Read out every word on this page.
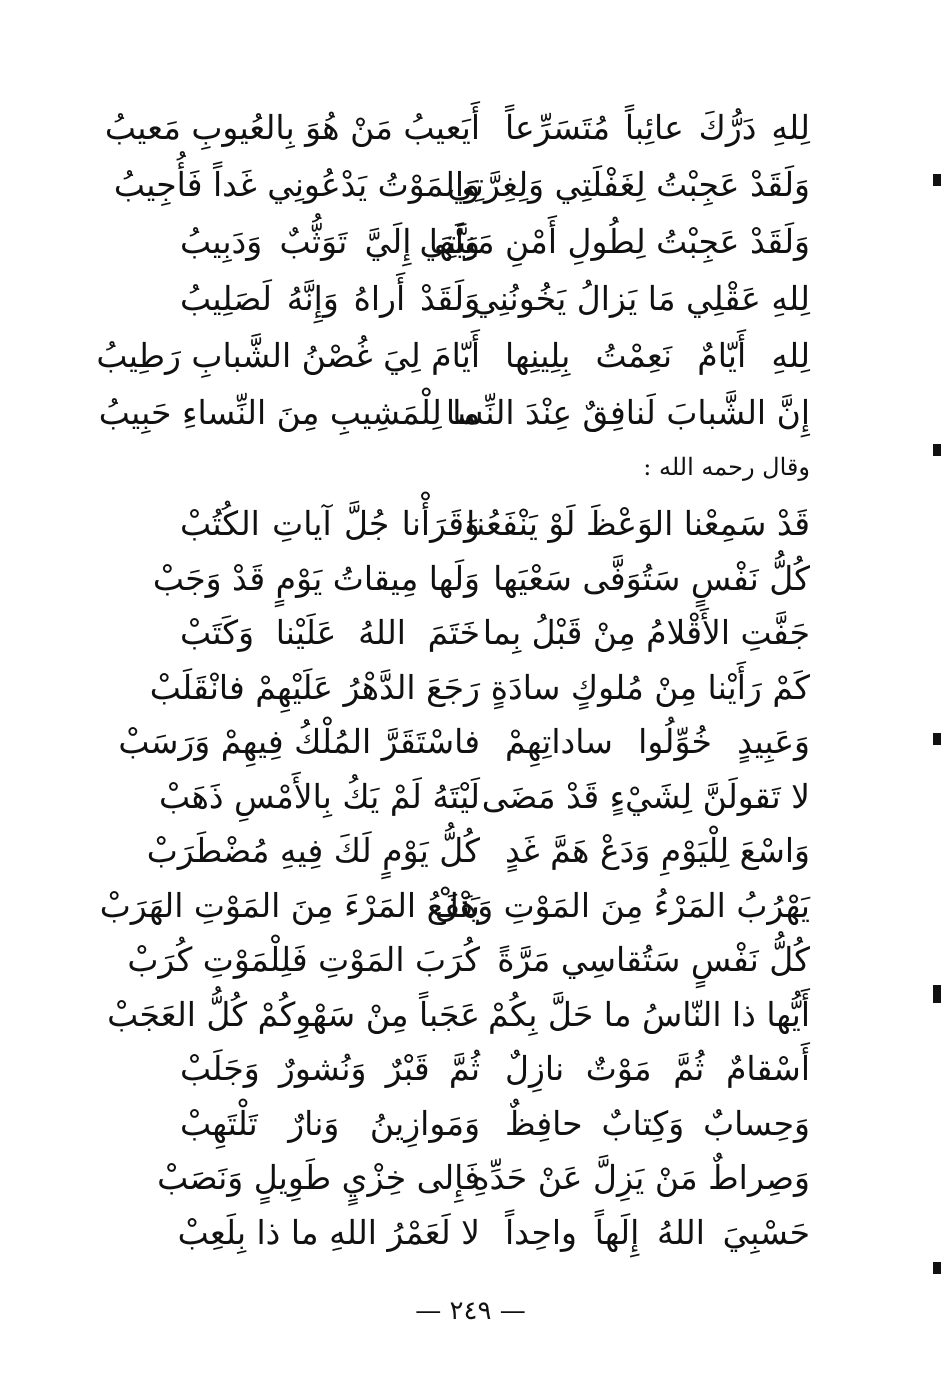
لِلهِ دَرُّكَ عائِباً مُتَسَرِّعاً
أَيَعيبُ مَنْ هُوَ بِالعُيوبِ مَعيبُ
وَلَقَدْ عَجِبْتُ لِغَفْلَتِي وَلِغِرَّتِي
وَالمَوْتُ يَدْعُونِي غَداً فَأُجِيبُ
وَلَقَدْ عَجِبْتُ لِطُولِ أَمْنِ مَنِيَّتِي
وَلَهَا إِلَيَّ تَوَثُّبٌ وَدَبِيبُ
لِلهِ عَقْلِي مَا يَزالُ يَخُونُنِي
وَلَقَدْ أَراهُ وَإِنَّهُ لَصَلِيبُ
لِلهِ أَيّامٌ نَعِمْتُ بِلِينِها
أَيّامَ لِيَ غُصْنُ الشَّبابِ رَطِيبُ
إِنَّ الشَّبابَ لَنافِقٌ عِنْدَ النِّسا
ما لِلْمَشِيبِ مِنَ النِّساءِ حَبِيبُ
وقال رحمه الله :
قَدْ سَمِعْنا الوَعْظَ لَوْ يَنْفَعُنا
وَقَرَأْنا جُلَّ آياتِ الكُتُبْ
كُلُّ نَفْسٍ سَتُوَفَّى سَعْيَها
وَلَها مِيقاتُ يَوْمٍ قَدْ وَجَبْ
جَفَّتِ الأَقْلامُ مِنْ قَبْلُ بِما
خَتَمَ اللهُ عَلَيْنا وَكَتَبْ
كَمْ رَأَيْنا مِنْ مُلوكٍ سادَةٍ
رَجَعَ الدَّهْرُ عَلَيْهِمْ فانْقَلَبْ
وَعَبِيدٍ خُوِّلُوا ساداتِهِمْ
فاسْتَقَرَّ المُلْكُ فِيهِمْ وَرَسَبْ
لا تَقولَنَّ لِشَيْءٍ قَدْ مَضَى
لَيْتَهُ لَمْ يَكُ بِالأَمْسِ ذَهَبْ
وَاسْعَ لِلْيَوْمِ وَدَعْ هَمَّ غَدٍ
كُلُّ يَوْمٍ لَكَ فِيهِ مُضْطَرَبْ
يَهْرُبُ المَرْءُ مِنَ المَوْتِ وَهَلْ
يَنْفَعُ المَرْءَ مِنَ المَوْتِ الهَرَبْ
كُلُّ نَفْسٍ سَتُقاسِي مَرَّةً
كُرَبَ المَوْتِ فَلِلْمَوْتِ كُرَبْ
أَيُّها ذا النّاسُ ما حَلَّ بِكُمْ
عَجَباً مِنْ سَهْوِكُمْ كُلُّ العَجَبْ
أَسْقامٌ ثُمَّ مَوْتٌ نازِلٌ
ثُمَّ قَبْرٌ وَنُشورٌ وَجَلَبْ
وَحِسابٌ وَكِتابٌ حافِظٌ
وَمَوازِينُ وَنارٌ تَلْتَهِبْ
وَصِراطٌ مَنْ يَزِلَّ عَنْ حَدِّهِ
فَإِلى خِزْيٍ طَوِيلٍ وَنَصَبْ
حَسْبِيَ اللهُ إِلَهاً واحِداً
لا لَعَمْرُ اللهِ ما ذا بِلَعِبْ
— ٢٤٩ —
